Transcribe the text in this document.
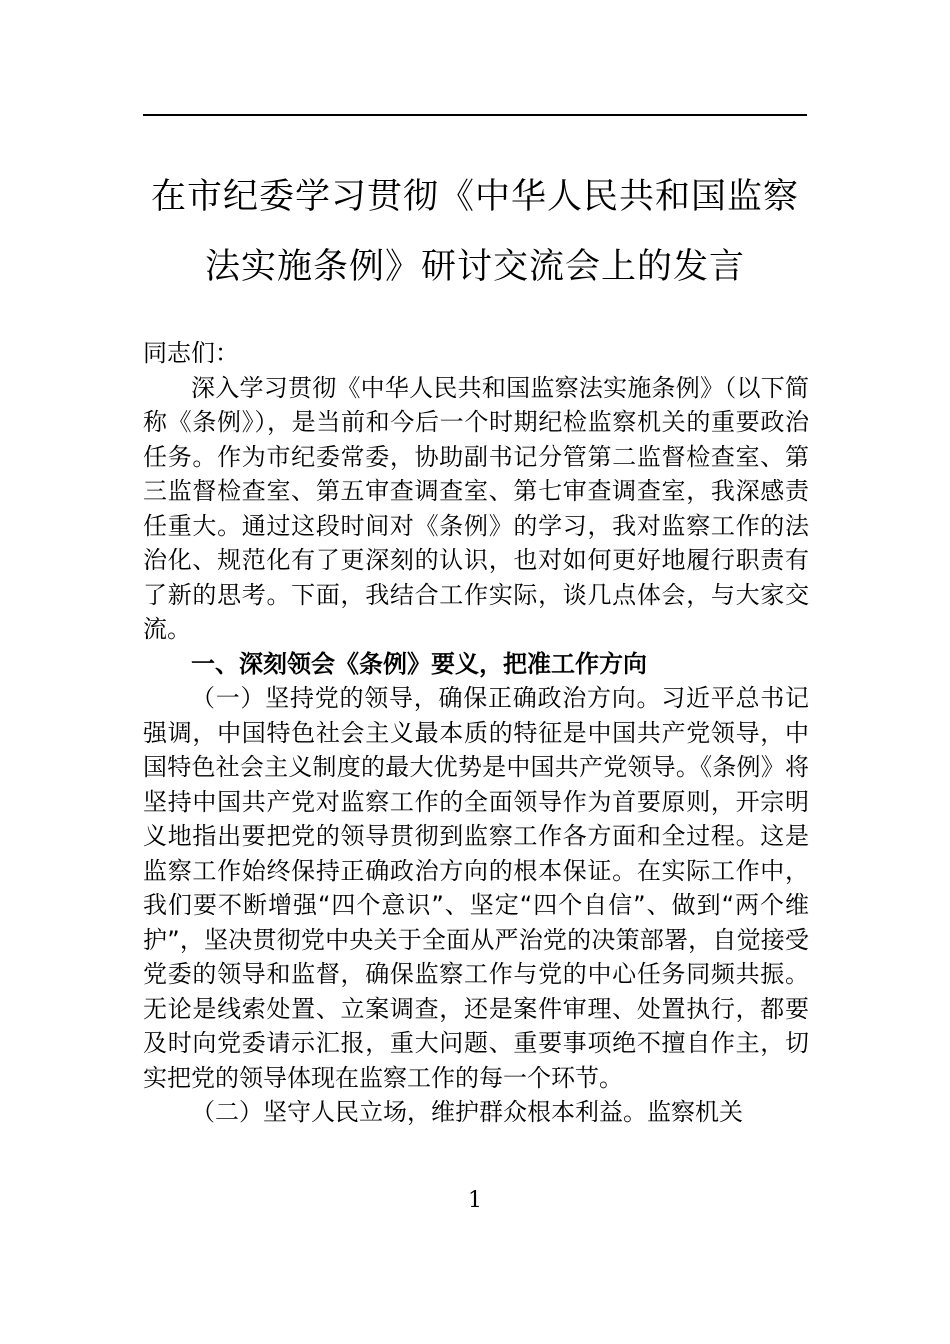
在市纪委学习贯彻《中华人民共和国监察
法实施条例》研讨交流会上的发言

同志们：

深入学习贯彻《中华人民共和国监察法实施条例》（以下简称《条例》），是当前和今后一个时期纪检监察机关的重要政治任务。作为市纪委常委，协助副书记分管第二监督检查室、第三监督检查室、第五审查调查室、第七审查调查室，我深感责任重大。通过这段时间对《条例》的学习，我对监察工作的法治化、规范化有了更深刻的认识，也对如何更好地履行职责有了新的思考。下面，我结合工作实际，谈几点体会，与大家交流。

一、深刻领会《条例》要义，把准工作方向

（一）坚持党的领导，确保正确政治方向。习近平总书记强调，中国特色社会主义最本质的特征是中国共产党领导，中国特色社会主义制度的最大优势是中国共产党领导。《条例》将坚持中国共产党对监察工作的全面领导作为首要原则，开宗明义地指出要把党的领导贯彻到监察工作各方面和全过程。这是监察工作始终保持正确政治方向的根本保证。在实际工作中，我们要不断增强“四个意识”、坚定“四个自信”、做到“两个维护”，坚决贯彻党中央关于全面从严治党的决策部署，自觉接受党委的领导和监督，确保监察工作与党的中心任务同频共振。无论是线索处置、立案调查，还是案件审理、处置执行，都要及时向党委请示汇报，重大问题、重要事项绝不擅自作主，切实把党的领导体现在监察工作的每一个环节。

（二）坚守人民立场，维护群众根本利益。监察机关

1
